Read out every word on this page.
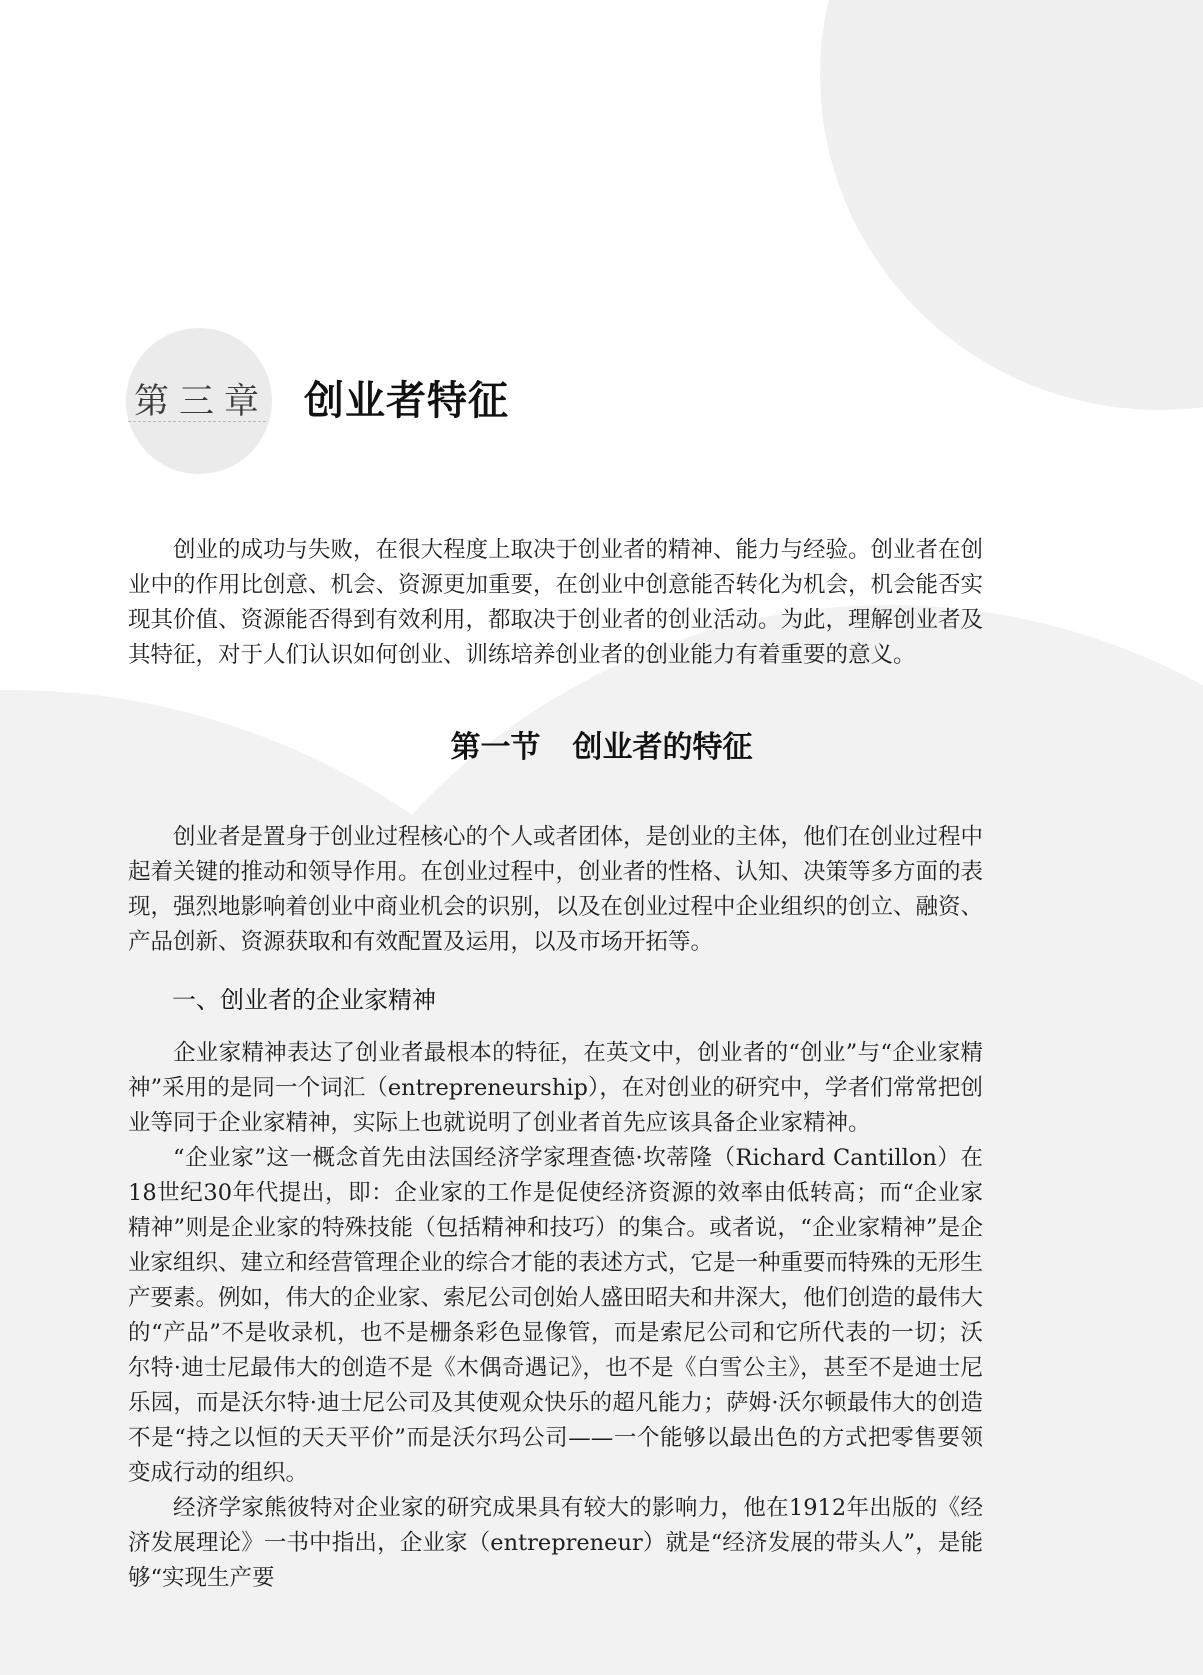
第三章 创业者特征

创业的成功与失败，在很大程度上取决于创业者的精神、能力与经验。创业者在创业中的作用比创意、机会、资源更加重要，在创业中创意能否转化为机会，机会能否实现其价值、资源能否得到有效利用，都取决于创业者的创业活动。为此，理解创业者及其特征，对于人们认识如何创业、训练培养创业者的创业能力有着重要的意义。

第一节 创业者的特征

创业者是置身于创业过程核心的个人或者团体，是创业的主体，他们在创业过程中起着关键的推动和领导作用。在创业过程中，创业者的性格、认知、决策等多方面的表现，强烈地影响着创业中商业机会的识别，以及在创业过程中企业组织的创立、融资、产品创新、资源获取和有效配置及运用，以及市场开拓等。

一、创业者的企业家精神

企业家精神表达了创业者最根本的特征，在英文中，创业者的“创业”与“企业家精神”采用的是同一个词汇（entrepreneurship），在对创业的研究中，学者们常常把创业等同于企业家精神，实际上也就说明了创业者首先应该具备企业家精神。

“企业家”这一概念首先由法国经济学家理查德·坎蒂隆（Richard Cantillon）在18世纪30年代提出，即：企业家的工作是促使经济资源的效率由低转高；而“企业家精神”则是企业家的特殊技能（包括精神和技巧）的集合。或者说，“企业家精神”是企业家组织、建立和经营管理企业的综合才能的表述方式，它是一种重要而特殊的无形生产要素。例如，伟大的企业家、索尼公司创始人盛田昭夫和井深大，他们创造的最伟大的“产品”不是收录机，也不是栅条彩色显像管，而是索尼公司和它所代表的一切；沃尔特·迪士尼最伟大的创造不是《木偶奇遇记》，也不是《白雪公主》，甚至不是迪士尼乐园，而是沃尔特·迪士尼公司及其使观众快乐的超凡能力；萨姆·沃尔顿最伟大的创造不是“持之以恒的天天平价”而是沃尔玛公司——一个能够以最出色的方式把零售要领变成行动的组织。

经济学家熊彼特对企业家的研究成果具有较大的影响力，他在1912年出版的《经济发展理论》一书中指出，企业家（entrepreneur）就是“经济发展的带头人”，是能够“实现生产要
